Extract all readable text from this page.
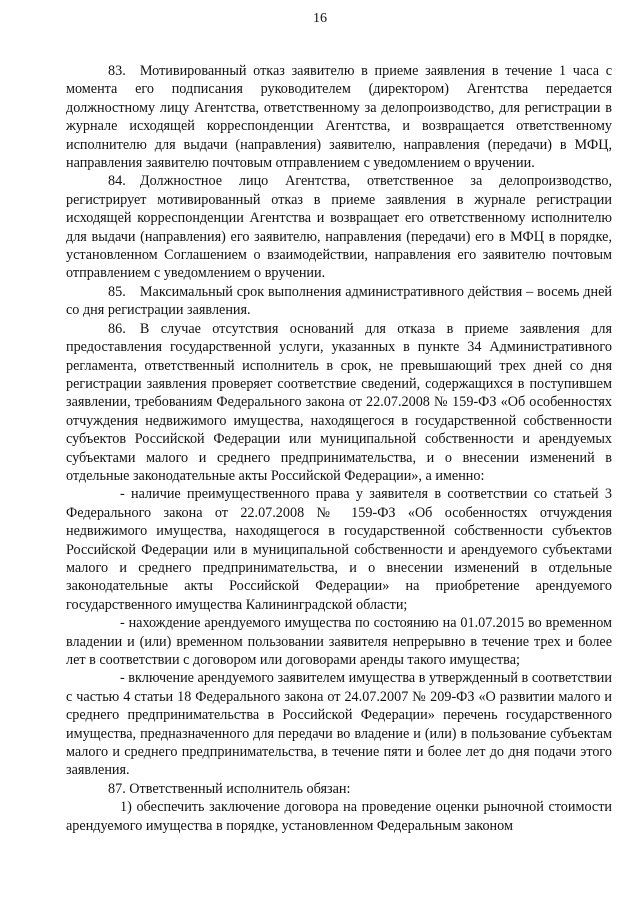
16

83. Мотивированный отказ заявителю в приеме заявления в течение 1 часа с момента его подписания руководителем (директором) Агентства передается должностному лицу Агентства, ответственному за делопроизводство, для регистрации в журнале исходящей корреспонденции Агентства, и возвращается ответственному исполнителю для выдачи (направления) заявителю, направления (передачи) в МФЦ, направления заявителю почтовым отправлением с уведомлением о вручении.

84. Должностное лицо Агентства, ответственное за делопроизводство, регистрирует мотивированный отказ в приеме заявления в журнале регистрации исходящей корреспонденции Агентства и возвращает его ответственному исполнителю для выдачи (направления) его заявителю, направления (передачи) его в МФЦ в порядке, установленном Соглашением о взаимодействии, направления его заявителю почтовым отправлением с уведомлением о вручении.

85. Максимальный срок выполнения административного действия – восемь дней со дня регистрации заявления.

86. В случае отсутствия оснований для отказа в приеме заявления для предоставления государственной услуги, указанных в пункте 34 Административного регламента, ответственный исполнитель в срок, не превышающий трех дней со дня регистрации заявления проверяет соответствие сведений, содержащихся в поступившем заявлении, требованиям Федерального закона от 22.07.2008 № 159-ФЗ «Об особенностях отчуждения недвижимого имущества, находящегося в государственной собственности субъектов Российской Федерации или муниципальной собственности и арендуемых субъектами малого и среднего предпринимательства, и о внесении изменений в отдельные законодательные акты Российской Федерации», а именно:

- наличие преимущественного права у заявителя в соответствии со статьей 3 Федерального закона от 22.07.2008 № 159-ФЗ «Об особенностях отчуждения недвижимого имущества, находящегося в государственной собственности субъектов Российской Федерации или в муниципальной собственности и арендуемого субъектами малого и среднего предпринимательства, и о внесении изменений в отдельные законодательные акты Российской Федерации» на приобретение арендуемого государственного имущества Калининградской области;

- нахождение арендуемого имущества по состоянию на 01.07.2015 во временном владении и (или) временном пользовании заявителя непрерывно в течение трех и более лет в соответствии с договором или договорами аренды такого имущества;

- включение арендуемого заявителем имущества в утвержденный в соответствии с частью 4 статьи 18 Федерального закона от 24.07.2007 № 209-ФЗ «О развитии малого и среднего предпринимательства в Российской Федерации» перечень государственного имущества, предназначенного для передачи во владение и (или) в пользование субъектам малого и среднего предпринимательства, в течение пяти и более лет до дня подачи этого заявления.

87. Ответственный исполнитель обязан:

1) обеспечить заключение договора на проведение оценки рыночной стоимости арендуемого имущества в порядке, установленном Федеральным законом
